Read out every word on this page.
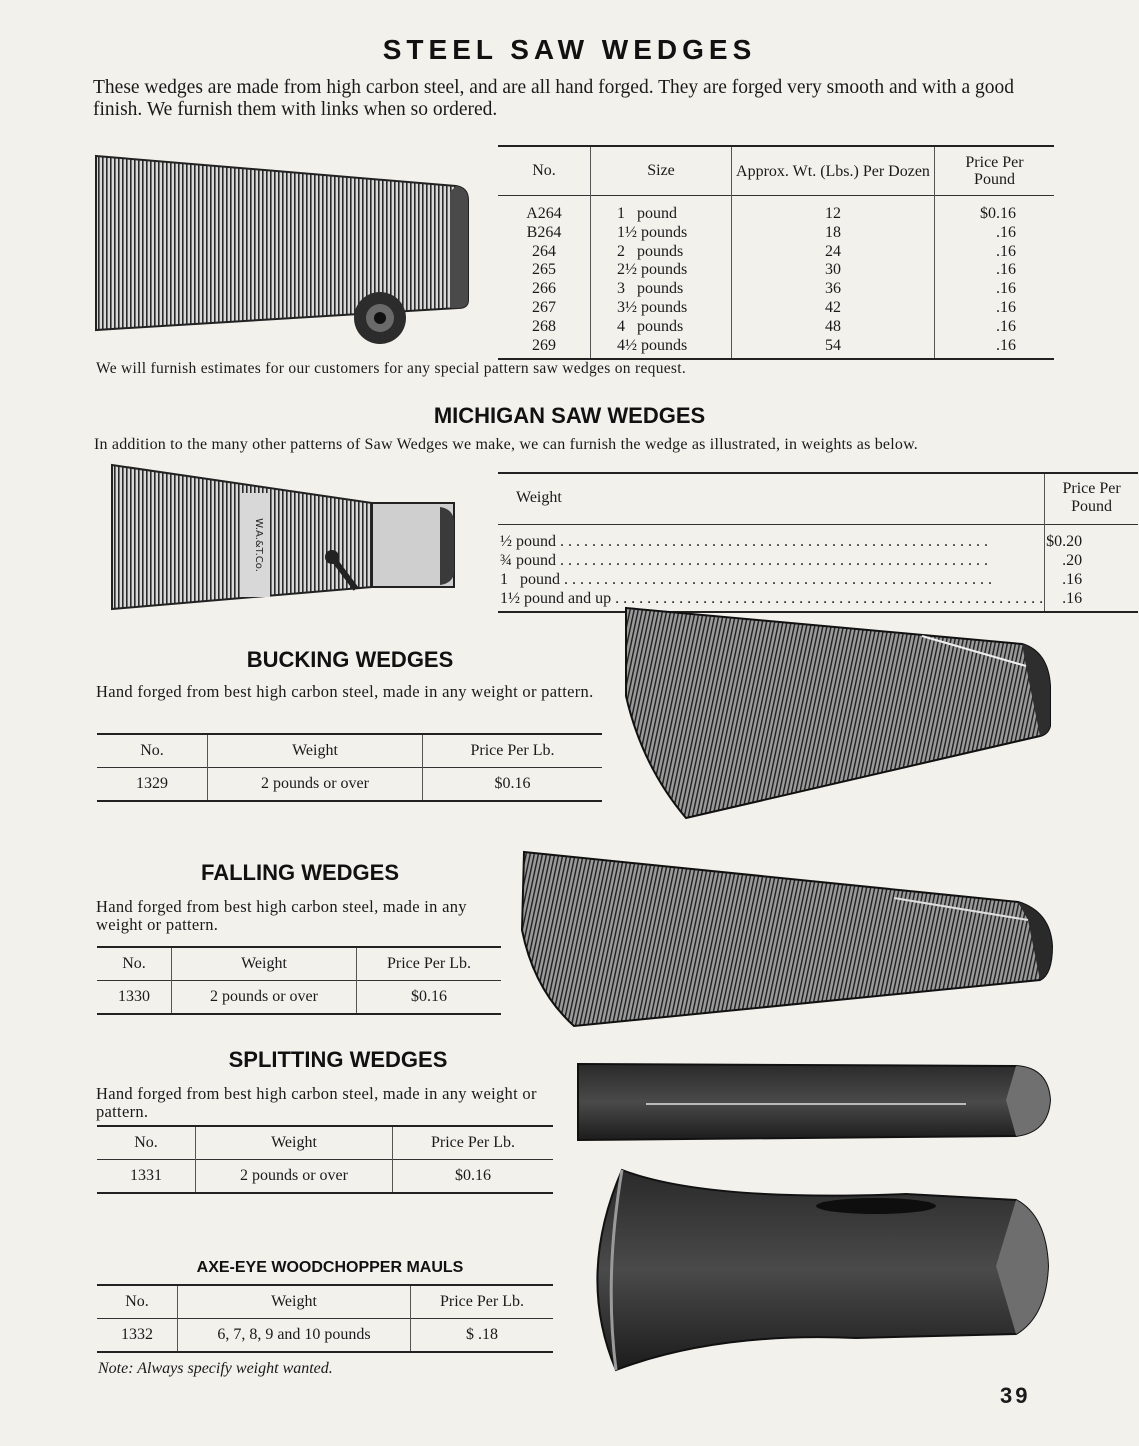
STEEL SAW WEDGES
These wedges are made from high carbon steel, and are all hand forged. They are forged very smooth and with a good finish. We furnish them with links when so ordered.
No.	Size	Approx. Wt. (Lbs.) Per Dozen	Price Per Pound
A264	1   pound	12	$0.16
B264	1½ pounds	18	.16
264	2   pounds	24	.16
265	2½ pounds	30	.16
266	3   pounds	36	.16
267	3½ pounds	42	.16
268	4   pounds	48	.16
269	4½ pounds	54	.16
We will furnish estimates for our customers for any special pattern saw wedges on request.
MICHIGAN SAW WEDGES
In addition to the many other patterns of Saw Wedges we make, we can furnish the wedge as illustrated, in weights as below.
W.A.&T.Co.
Weight	Price Per Pound

½ pound . . . . . . . . . . . . . . . . . . . . . . . . . . . . . . . . . . . . . . . . . . . . . . . . . . . . . .	$0.20

¾ pound . . . . . . . . . . . . . . . . . . . . . . . . . . . . . . . . . . . . . . . . . . . . . . . . . . . . . .	.20

1   pound . . . . . . . . . . . . . . . . . . . . . . . . . . . . . . . . . . . . . . . . . . . . . . . . . . . . . .	.16

1½ pound and up . . . . . . . . . . . . . . . . . . . . . . . . . . . . . . . . . . . . . . . . . . . . . . . . . . . . . .	.16
BUCKING WEDGES
Hand forged from best high carbon steel, made in any weight or pattern.
No.	Weight	Price Per Lb.
1329	2 pounds or over	$0.16
FALLING WEDGES
Hand forged from best high carbon steel, made in any weight or pattern.
No.	Weight	Price Per Lb.
1330	2 pounds or over	$0.16
SPLITTING WEDGES
Hand forged from best high carbon steel, made in any weight or pattern.
No.	Weight	Price Per Lb.
1331	2 pounds or over	$0.16
AXE-EYE WOODCHOPPER MAULS
No.	Weight	Price Per Lb.
1332	6, 7, 8, 9 and 10 pounds	$ .18
Note: Always specify weight wanted.
39
